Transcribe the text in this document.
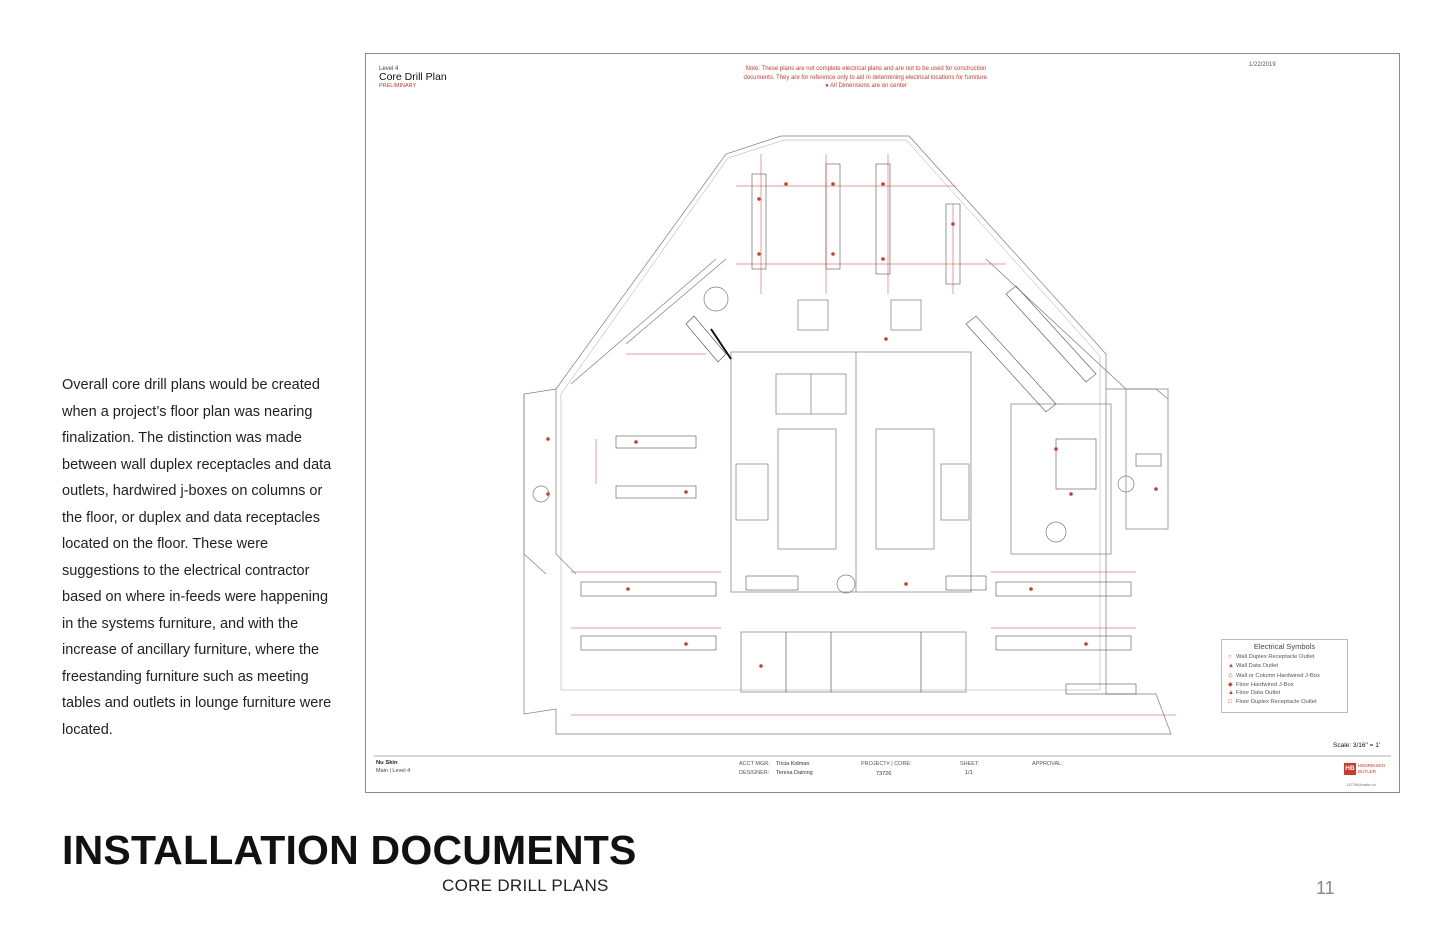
Overall core drill plans would be created when a project’s floor plan was nearing finalization. The distinction was made between wall duplex receptacles and data outlets, hardwired j-boxes on columns or the floor, or duplex and data receptacles located on the floor. These were suggestions to the electrical contractor based on where in-feeds were happening in the systems furniture, and with the increase of ancillary furniture, where the freestanding furniture such as meeting tables and outlets in lounge furniture were located.
INSTALLATION DOCUMENTS
CORE DRILL PLANS	11
Level 4
Core Drill Plan
PRELIMINARY
1/22/2019
Note: These plans are not complete electrical plans and are not to be used for construction
documents. They are for reference only to aid in determining electrical locations for furniture.
● All Dimensions are on center
Electrical Symbols
○ Wall Duplex Receptacle Outlet
▲ Wall Data Outlet
◇ Wall or Column Hardwired J-Box
◆ Floor Hardwired J-Box
▲ Floor Data Outlet
□ Floor Duplex Receptacle Outlet
Scale: 3/16" = 1'
Nu Skin
Main | Level 4
ACCT MGR: Tricia Kidman
DESIGNER: Teresa Daining
PROJECT# | CORE:
73726
SHEET:
1/1
APPROVAL:
HB HENRIKSEN BUTLER
1372684main.rvt
